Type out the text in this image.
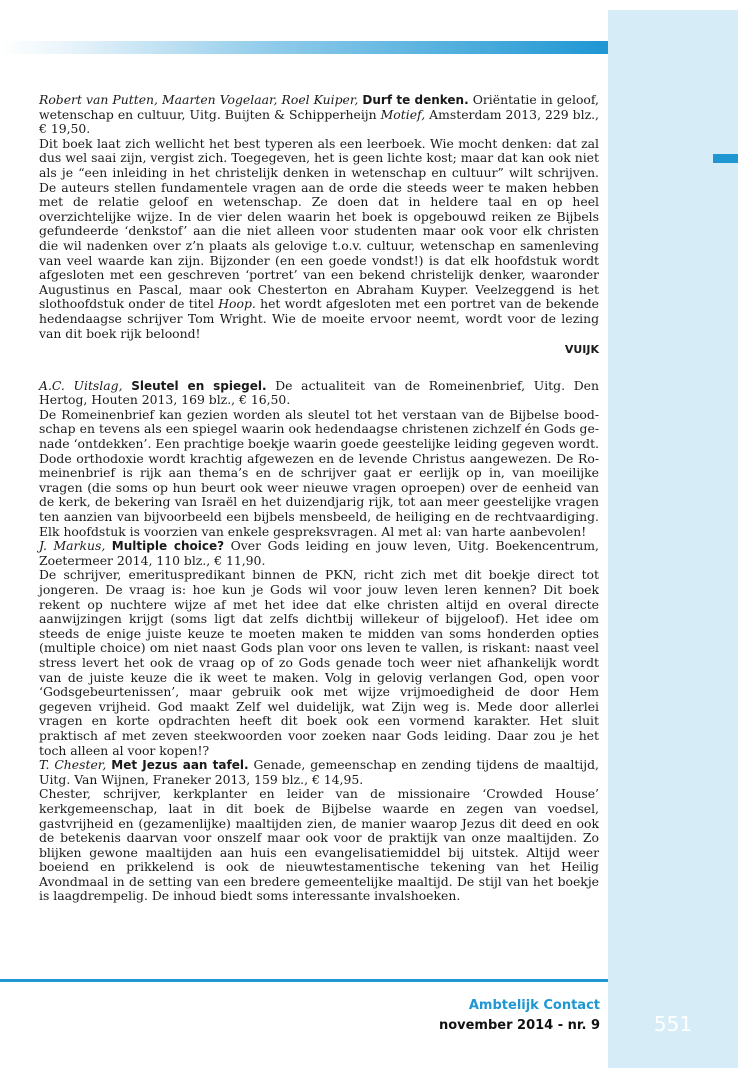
Robert van Putten, Maarten Vogelaar, Roel Kuiper, Durf te denken. Oriëntatie in geloof, wetenschap en cultuur, Uitg. Buijten & Schipperheijn Motief, Amsterdam 2013, 229 blz., € 19,50.

Dit boek laat zich wellicht het best typeren als een leerboek. Wie mocht denken: dat zal dus wel saai zijn, vergist zich. Toegegeven, het is geen lichte kost; maar dat kan ook niet als je “een inleiding in het christelijk denken in wetenschap en cultuur” wilt schrijven. De auteurs stellen fundamentele vragen aan de orde die steeds weer te maken hebben met de relatie geloof en wetenschap. Ze doen dat in heldere taal en op heel overzichtelijke wijze. In de vier delen waarin het boek is opgebouwd reiken ze Bijbels gefundeerde ‘denkstof’ aan die niet alleen voor studenten maar ook voor elk christen die wil nadenken over z’n plaats als gelovige t.o.v. cultuur, wetenschap en samenleving van veel waarde kan zijn. Bijzonder (en een goede vondst!) is dat elk hoofdstuk wordt afgesloten met een geschreven ‘portret’ van een bekend christelijk denker, waaronder Augustinus en Pascal, maar ook Chesterton en Abraham Kuyper. Veelzeggend is het slothoofdstuk onder de titel Hoop. het wordt afgesloten met een portret van de bekende hedendaagse schrijver Tom Wright. Wie de moeite ervoor neemt, wordt voor de lezing van dit boek rijk beloond!

VUIJK

A.C. Uitslag, Sleutel en spiegel. De actualiteit van de Romeinenbrief, Uitg. Den Hertog, Houten 2013, 169 blz., € 16,50.

De Romeinenbrief kan gezien worden als sleutel tot het verstaan van de Bijbelse boodschap en tevens als een spiegel waarin ook hedendaagse christenen zichzelf én Gods genade ‘ontdekken’. Een prachtige boekje waarin goede geestelijke leiding gegeven wordt. Dode orthodoxie wordt krachtig afgewezen en de levende Christus aangewezen. De Romeinenbrief is rijk aan thema’s en de schrijver gaat er eerlijk op in, van moeilijke vragen (die soms op hun beurt ook weer nieuwe vragen oproepen) over de eenheid van de kerk, de bekering van Israël en het duizendjarig rijk, tot aan meer geestelijke vragen ten aanzien van bijvoorbeeld een bijbels mensbeeld, de heiliging en de rechtvaardiging. Elk hoofdstuk is voorzien van enkele gespreksvragen. Al met al: van harte aanbevolen!

J. Markus, Multiple choice? Over Gods leiding en jouw leven, Uitg. Boekencentrum, Zoetermeer 2014, 110 blz., € 11,90.

De schrijver, emerituspredikant binnen de PKN, richt zich met dit boekje direct tot jongeren. De vraag is: hoe kun je Gods wil voor jouw leven leren kennen? Dit boek rekent op nuchtere wijze af met het idee dat elke christen altijd en overal directe aanwijzingen krijgt (soms ligt dat zelfs dichtbij willekeur of bijgeloof). Het idee om steeds de enige juiste keuze te moeten maken te midden van soms honderden opties (multiple choice) om niet naast Gods plan voor ons leven te vallen, is riskant: naast veel stress levert het ook de vraag op of zo Gods genade toch weer niet afhankelijk wordt van de juiste keuze die ik weet te maken. Volg in gelovig verlangen God, open voor ‘Godsgebeurtenissen’, maar gebruik ook met wijze vrijmoedigheid de door Hem gegeven vrijheid. God maakt Zelf wel duidelijk, wat Zijn weg is. Mede door allerlei vragen en korte opdrachten heeft dit boek ook een vormend karakter. Het sluit praktisch af met zeven steekwoorden voor zoeken naar Gods leiding. Daar zou je het toch alleen al voor kopen!?

T. Chester, Met Jezus aan tafel. Genade, gemeenschap en zending tijdens de maaltijd, Uitg. Van Wijnen, Franeker 2013, 159 blz., € 14,95.

Chester, schrijver, kerkplanter en leider van de missionaire ‘Crowded House’ kerkgemeenschap, laat in dit boek de Bijbelse waarde en zegen van voedsel, gastvrijheid en (gezamenlijke) maaltijden zien, de manier waarop Jezus dit deed en ook de betekenis daarvan voor onszelf maar ook voor de praktijk van onze maaltijden. Zo blijken gewone maaltijden aan huis een evangelisatiemiddel bij uitstek. Altijd weer boeiend en prikkelend is ook de nieuwtestamentische tekening van het Heilig Avondmaal in de setting van een bredere gemeentelijke maaltijd. De stijl van het boekje is laagdrempelig. De inhoud biedt soms interessante invalshoeken.

Ambtelijk Contact
november 2014 - nr. 9	551
